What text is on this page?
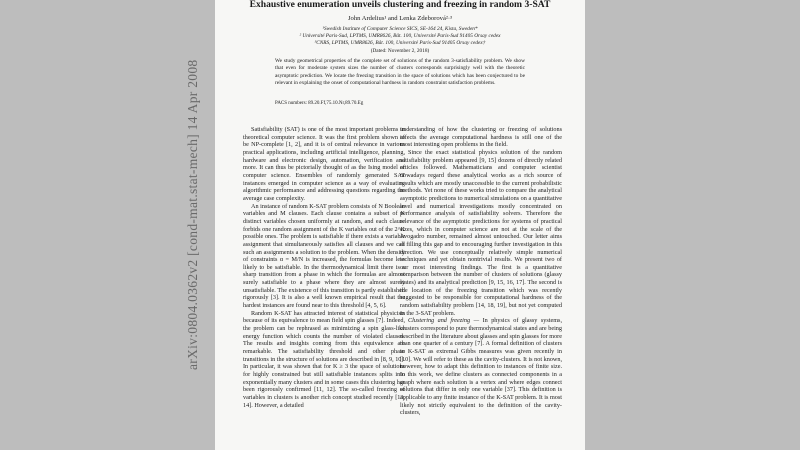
arXiv:0804.0362v2 [cond-mat.stat-mech] 14 Apr 2008
Exhaustive enumeration unveils clustering and freezing in random 3-SAT
John Ardelius¹ and Lenka Zdeborová²·³
¹Swedish Institute of Computer Science SICS, SE-164 24, Kista, Sweden*
² Université Paris-Sud, LPTMS, UMR8626, Bât. 100, Université Paris-Sud 91405 Orsay cedex
³CNRS, LPTMS, UMR8626, Bât. 100, Université Paris-Sud 91405 Orsay cedex†
(Dated: November 2, 2018)
We study geometrical properties of the complete set of solutions of the random 3-satisfiability problem. We show that even for moderate system sizes the number of clusters corresponds surprisingly well with the theoretic asymptotic prediction. We locate the freezing transition in the space of solutions which has been conjectured to be relevant in explaining the onset of computational hardness in random constraint satisfaction problems.
PACS numbers: 89.20.Ff,75.10.Nr,89.70.Eg

Satisfiability (SAT) is one of the most important problems in theoretical computer science. It was the first problem shown to be NP-complete [1, 2], and it is of central relevance in various practical applications, including artificial intelligence, planning, hardware and electronic design, automation, verification and more. It can thus be pictorially thought of as the Ising model of computer science. Ensembles of randomly generated SAT instances emerged in computer science as a way of evaluating algorithmic performance and addressing questions regarding the average case complexity.

An instance of random K-SAT problem consists of N Boolean variables and M clauses. Each clause contains a subset of K distinct variables chosen uniformly at random, and each clause forbids one random assignment of the K variables out of the 2^K possible ones. The problem is satisfiable if there exists a variable assignment that simultaneously satisfies all clauses and we call such an assignments a solution to the problem. When the density of constraints α = M/N is increased, the formulas become less likely to be satisfiable. In the thermodynamical limit there is a sharp transition from a phase in which the formulas are almost surely satisfiable to a phase where they are almost surely unsatisfiable. The existence of this transition is partly established rigorously [3]. It is also a well known empirical result that the hardest instances are found near to this threshold [4, 5, 6].

Random K-SAT has attracted interest of statistical physicists because of its equivalence to mean field spin glasses [7]. Indeed, the problem can be rephrased as minimizing a spin glass-like energy function which counts the number of violated clauses. The results and insights coming from this equivalence are remarkable. The satisfiability threshold and other phase transitions in the structure of solutions are described in [8, 9, 10]. In particular, it was shown that for K ≥ 3 the space of solutions for highly constrained but still satisfiable instances splits into exponentially many clusters and in some cases this clustering has been rigorously confirmed [11, 12]. The so-called freezing of variables in clusters is another rich concept studied recently [13, 14]. However, a detailed

understanding of how the clustering or freezing of solutions affects the average computational hardness is still one of the most interesting open problems in the field.

Since the exact statistical physics solution of the random satisfiability problem appeared [9, 15] dozens of directly related articles followed. Mathematicians and computer scientist nowadays regard these analytical works as a rich source of results which are mostly unaccessible to the current probabilistic methods. Yet none of these works tried to compare the analytical asymptotic predictions to numerical simulations on a quantitative level and numerical investigations mostly concentrated on performance analysis of satisfiability solvers. Therefore the relevance of the asymptotic predictions for systems of practical sizes, which in computer science are not at the scale of the Avogadro number, remained almost untouched. Our letter aims at filling this gap and to encouraging further investigation in this direction. We use conceptually relatively simple numerical techniques and yet obtain nontrivial results. We present two of our most interesting findings. The first is a quantitative comparison between the number of clusters of solutions (glassy states) and its analytical prediction [9, 15, 16, 17]. The second is the location of the freezing transition which was recently suggested to be responsible for computational hardness of the random satisfiability problem [14, 18, 19], but not yet computed in the 3-SAT problem.

Clustering and freezing — In physics of glassy systems, clusters correspond to pure thermodynamical states and are being described in the literature about glasses and spin glasses for more than one quarter of a century [7]. A formal definition of clusters in K-SAT as extremal Gibbs measures was given recently in [10]. We will refer to these as the cavity-clusters. It is not known, however, how to adapt this definition to instances of finite size. In this work, we define clusters as connected components in a graph where each solution is a vertex and where edges connect solutions that differ in only one variable [37]. This definition is applicable to any finite instance of the K-SAT problem. It is most likely not strictly equivalent to the definition of the cavity-clusters,
